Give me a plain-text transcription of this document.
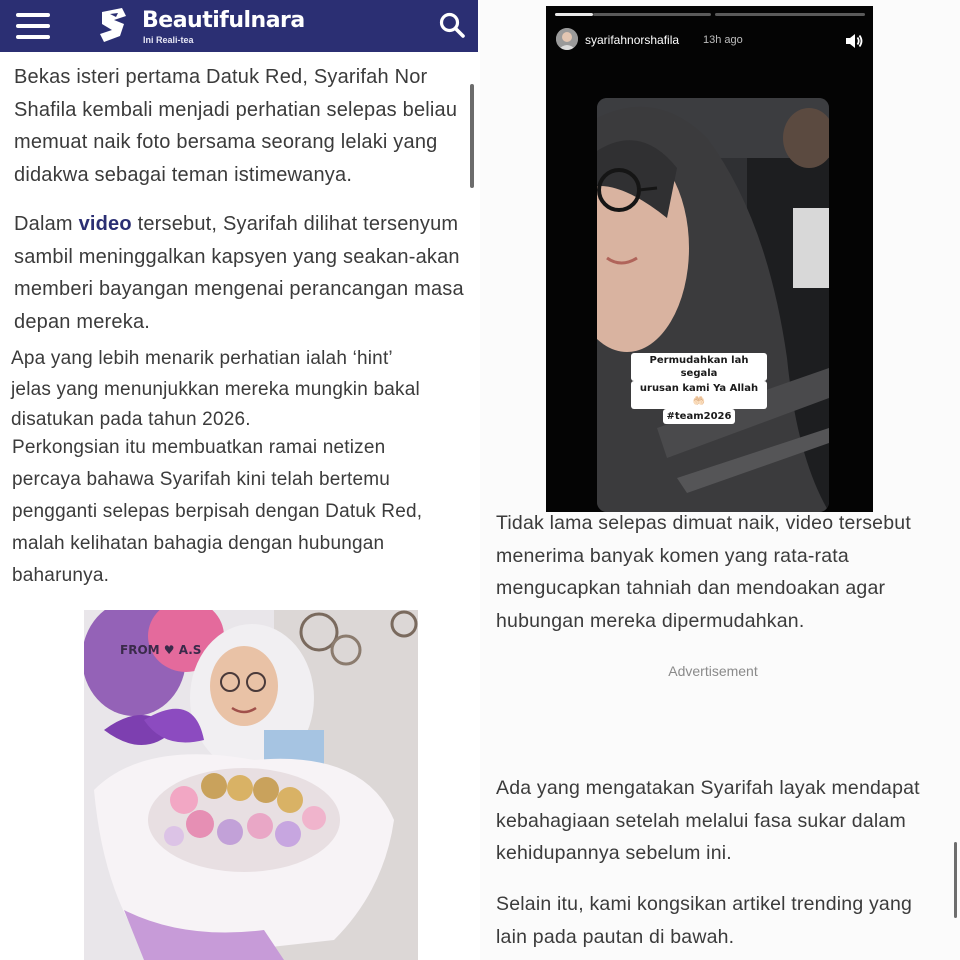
Beautifulnara
Ini Reali-tea

Bekas isteri pertama Datuk Red, Syarifah Nor Shafila kembali menjadi perhatian selepas beliau memuat naik foto bersama seorang lelaki yang didakwa sebagai teman istimewanya.

Dalam video tersebut, Syarifah dilihat tersenyum sambil meninggalkan kapsyen yang seakan-akan memberi bayangan mengenai perancangan masa depan mereka.

Apa yang lebih menarik perhatian ialah ‘hint’ jelas yang menunjukkan mereka mungkin bakal disatukan pada tahun 2026.

Perkongsian itu membuatkan ramai netizen percaya bahawa Syarifah kini telah bertemu pengganti selepas berpisah dengan Datuk Red, malah kelihatan bahagia dengan hubungan baharunya.

FROM ♥ A.S
syarifahnorshafila 13h ago
Permudahkan lah segala
urusan kami Ya Allah🤲🏻
#team2026

Tidak lama selepas dimuat naik, video tersebut menerima banyak komen yang rata-rata mengucapkan tahniah dan mendoakan agar hubungan mereka dipermudahkan.

Advertisement

Ada yang mengatakan Syarifah layak mendapat kebahagiaan setelah melalui fasa sukar dalam kehidupannya sebelum ini.

Selain itu, kami kongsikan artikel trending yang lain pada pautan di bawah.
